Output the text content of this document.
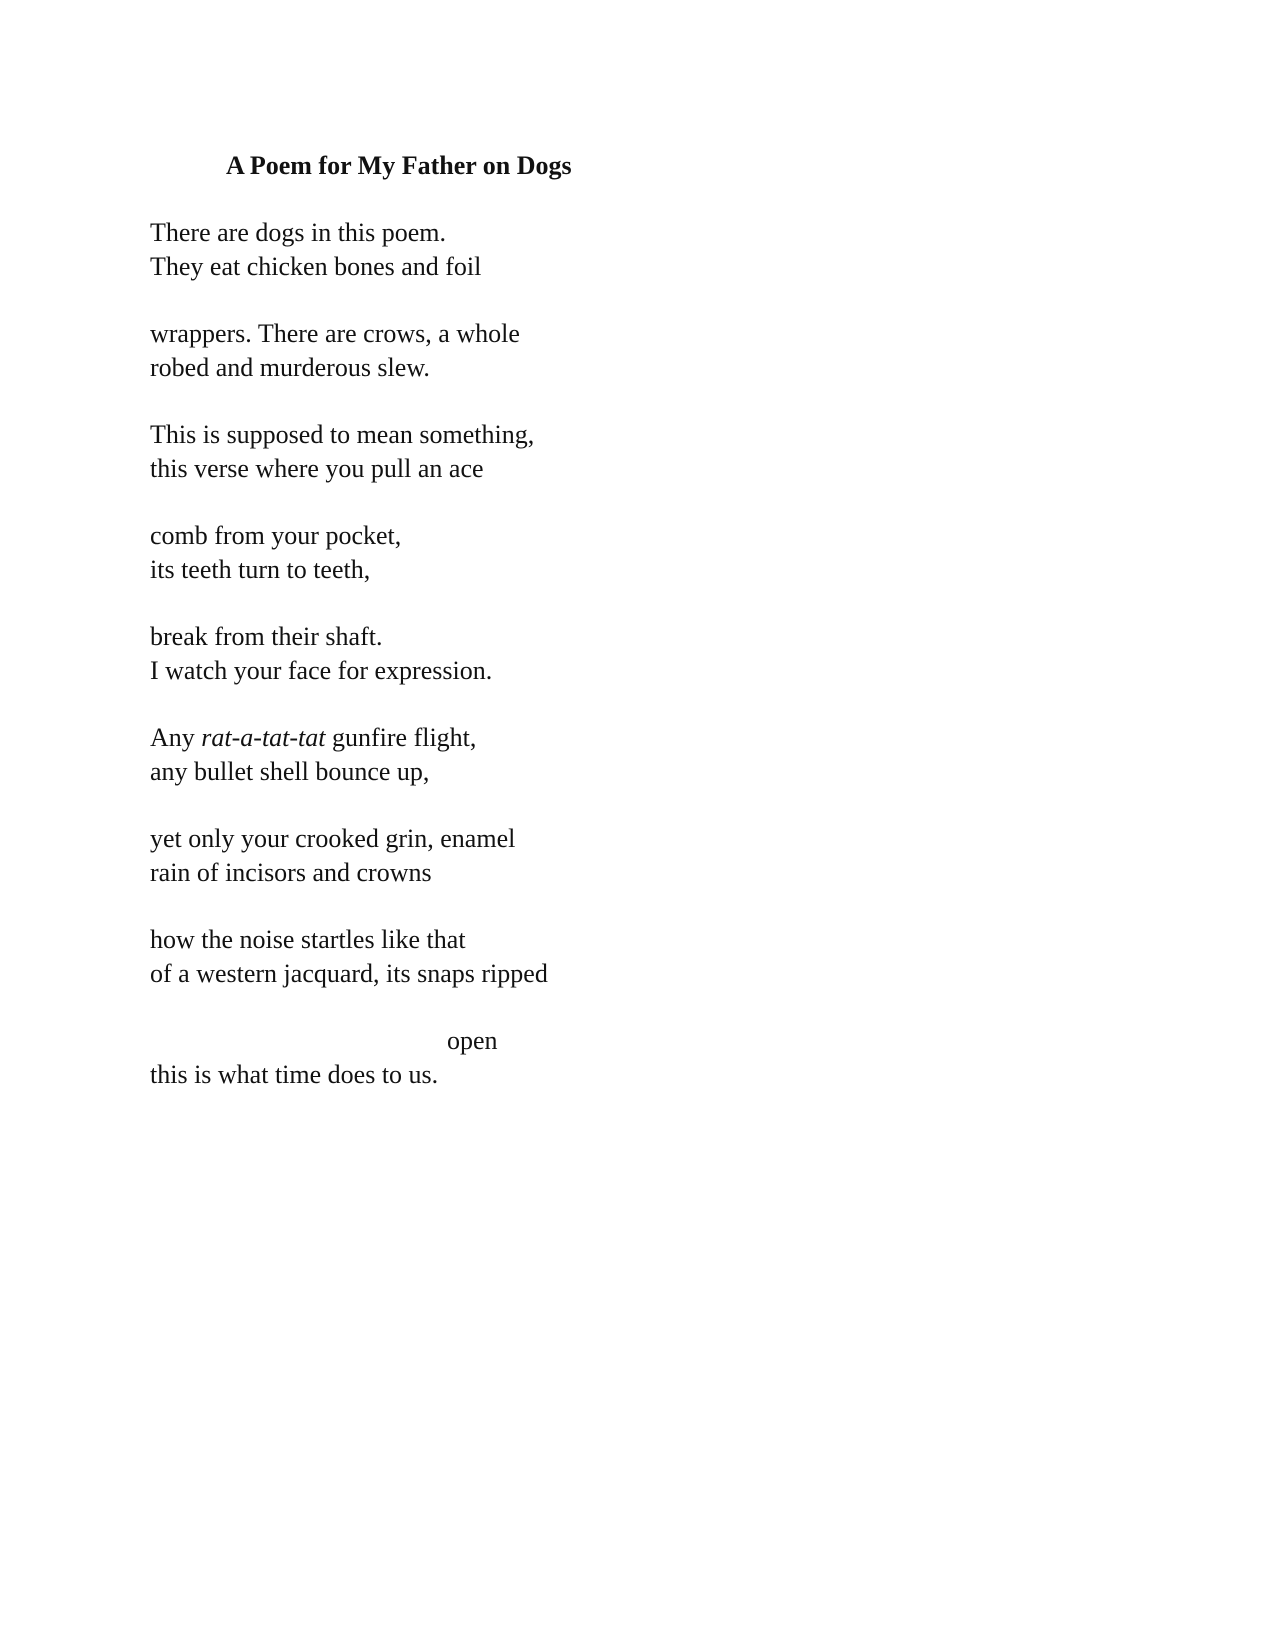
A Poem for My Father on Dogs
There are dogs in this poem.
They eat chicken bones and foil
wrappers. There are crows, a whole
robed and murderous slew.
This is supposed to mean something,
this verse where you pull an ace
comb from your pocket,
its teeth turn to teeth,
break from their shaft.
I watch your face for expression.
Any rat-a-tat-tat gunfire flight,
any bullet shell bounce up,
yet only your crooked grin, enamel
rain of incisors and crowns
how the noise startles like that
of a western jacquard, its snaps ripped
open
this is what time does to us.
